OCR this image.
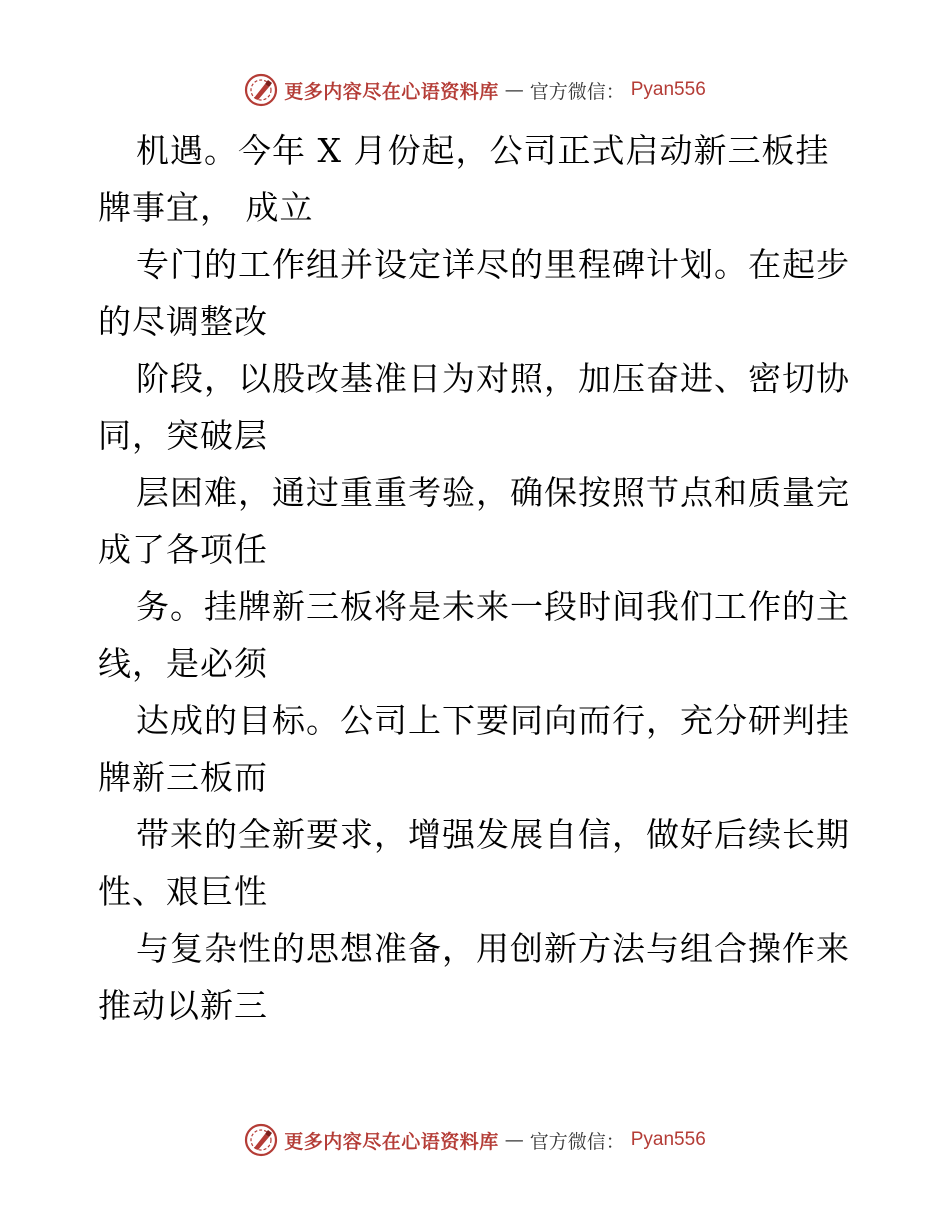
更多内容尽在心语资料库 — 官方微信： Pyan556
机遇。今年 X 月份起，公司正式启动新三板挂
牌事宜， 成立
专门的工作组并设定详尽的里程碑计划。在起步
的尽调整改
阶段，以股改基准日为对照，加压奋进、密切协
同，突破层
层困难，通过重重考验，确保按照节点和质量完
成了各项任
务。挂牌新三板将是未来一段时间我们工作的主
线，是必须
达成的目标。公司上下要同向而行，充分研判挂
牌新三板而
带来的全新要求，增强发展自信，做好后续长期
性、艰巨性
与复杂性的思想准备，用创新方法与组合操作来
推动以新三
更多内容尽在心语资料库 — 官方微信： Pyan556
